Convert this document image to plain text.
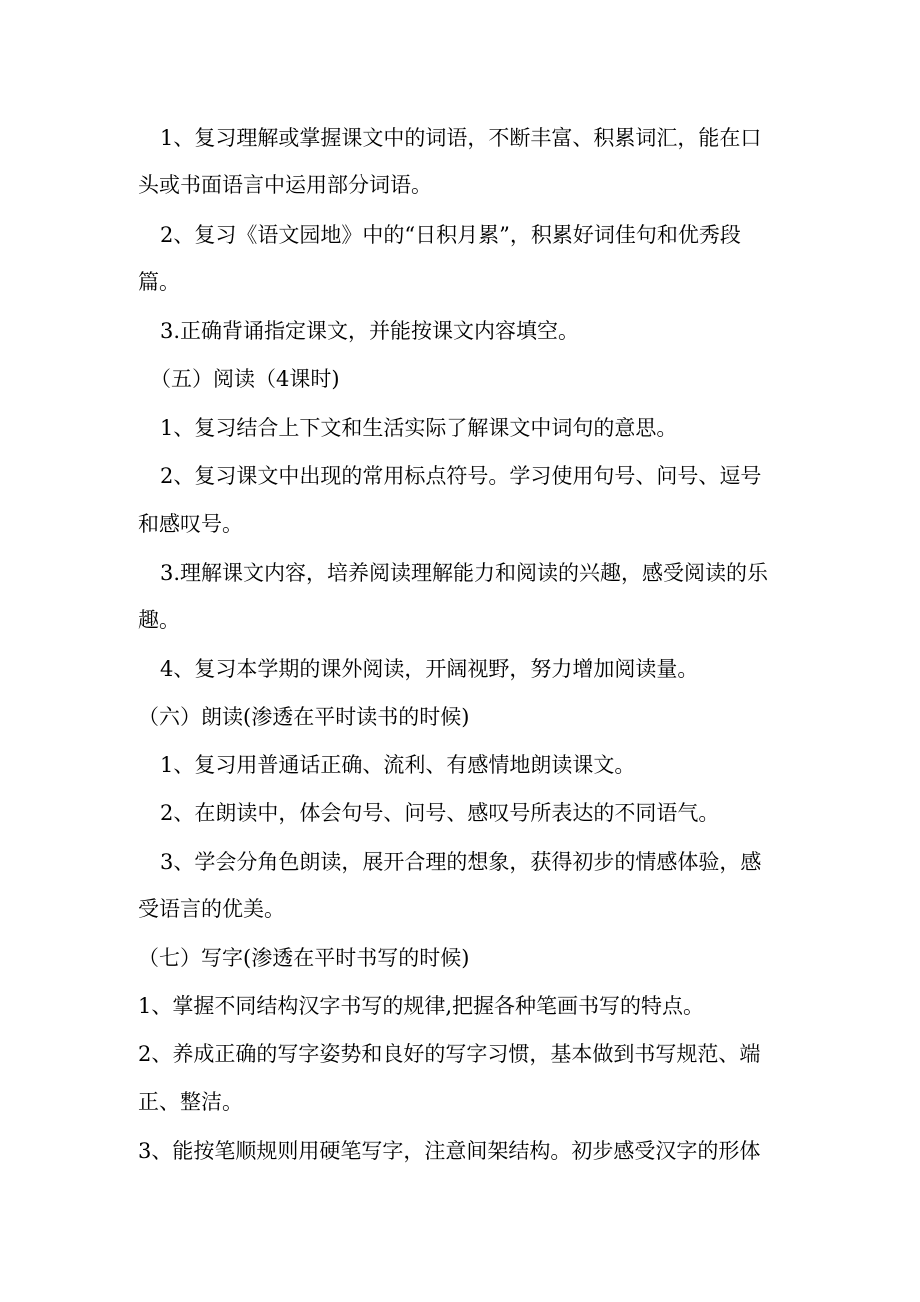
1、复习理解或掌握课文中的词语，不断丰富、积累词汇，能在口

头或书面语言中运用部分词语。

2、复习《语文园地》中的“日积月累”，积累好词佳句和优秀段

篇。

3.正确背诵指定课文，并能按课文内容填空。

（五）阅读（4课时)

1、复习结合上下文和生活实际了解课文中词句的意思。

2、复习课文中出现的常用标点符号。学习使用句号、问号、逗号

和感叹号。

3.理解课文内容，培养阅读理解能力和阅读的兴趣，感受阅读的乐

趣。

4、复习本学期的课外阅读，开阔视野，努力增加阅读量。

（六）朗读(渗透在平时读书的时候)

1、复习用普通话正确、流利、有感情地朗读课文。

2、在朗读中，体会句号、问号、感叹号所表达的不同语气。

3、学会分角色朗读，展开合理的想象，获得初步的情感体验，感

受语言的优美。

（七）写字(渗透在平时书写的时候)

1、掌握不同结构汉字书写的规律,把握各种笔画书写的特点。

2、养成正确的写字姿势和良好的写字习惯，基本做到书写规范、端

正、整洁。

3、能按笔顺规则用硬笔写字，注意间架结构。初步感受汉字的形体
